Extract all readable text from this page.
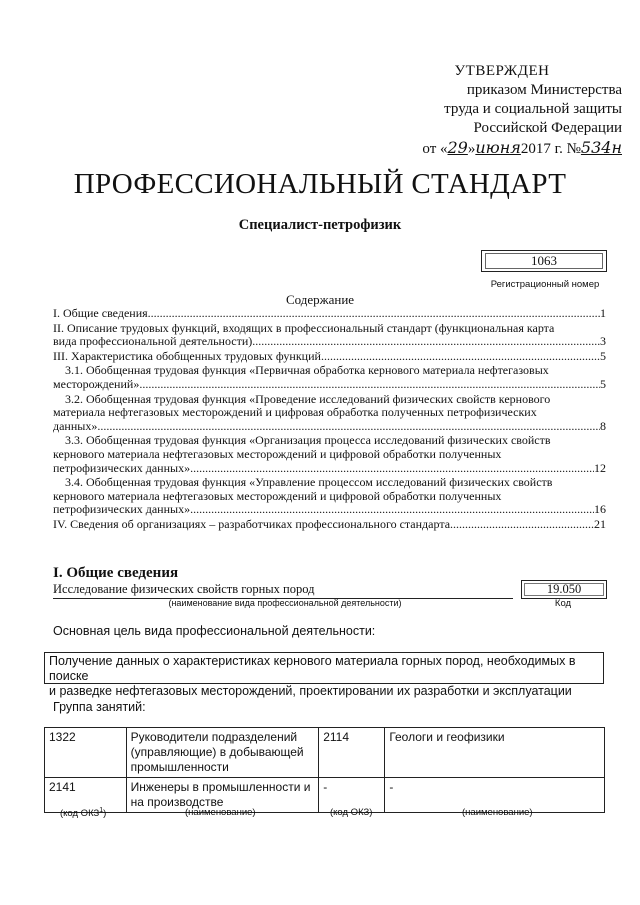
УТВЕРЖДЕН
приказом Министерства
труда и социальной защиты
Российской Федерации
от «29»июня2017 г. №534н
ПРОФЕССИОНАЛЬНЫЙ СТАНДАРТ
Специалист-петрофизик
1063
Регистрационный номер
Содержание
I. Общие сведения .....	1
II. Описание трудовых функций, входящих в профессиональный стандарт (функциональная карта
вида профессиональной деятельности) .....	3
III. Характеристика обобщенных трудовых функций .....	5
3.1. Обобщенная трудовая функция «Первичная обработка кернового материала нефтегазовых
месторождений» .....	5
3.2. Обобщенная трудовая функция «Проведение исследований физических свойств кернового
материала нефтегазовых месторождений и цифровая обработка полученных петрофизических
данных» .....	8
3.3. Обобщенная трудовая функция «Организация процесса исследований физических свойств
кернового материала нефтегазовых месторождений и цифровой обработки полученных
петрофизических данных» .....	12
3.4. Обобщенная трудовая функция «Управление процессом исследований физических свойств
кернового материала нефтегазовых месторождений и цифровой обработки полученных
петрофизических данных» .....	16
IV. Сведения об организациях – разработчиках профессионального стандарта .....	21
I. Общие сведения
Исследование физических свойств горных пород	19.050
(наименование вида профессиональной деятельности)	Код
Основная цель вида профессиональной деятельности:
Получение данных о характеристиках кернового материала горных пород, необходимых в поиске
и разведке нефтегазовых месторождений, проектировании их разработки и эксплуатации
Группа занятий:
1322	Руководители подразделений (управляющие) в добывающей промышленности	2114	Геологи и геофизики
2141	Инженеры в промышленности и на производстве	-	-
(код ОКЗ$^1$)	(наименование)	(код ОКЗ)	(наименование)
